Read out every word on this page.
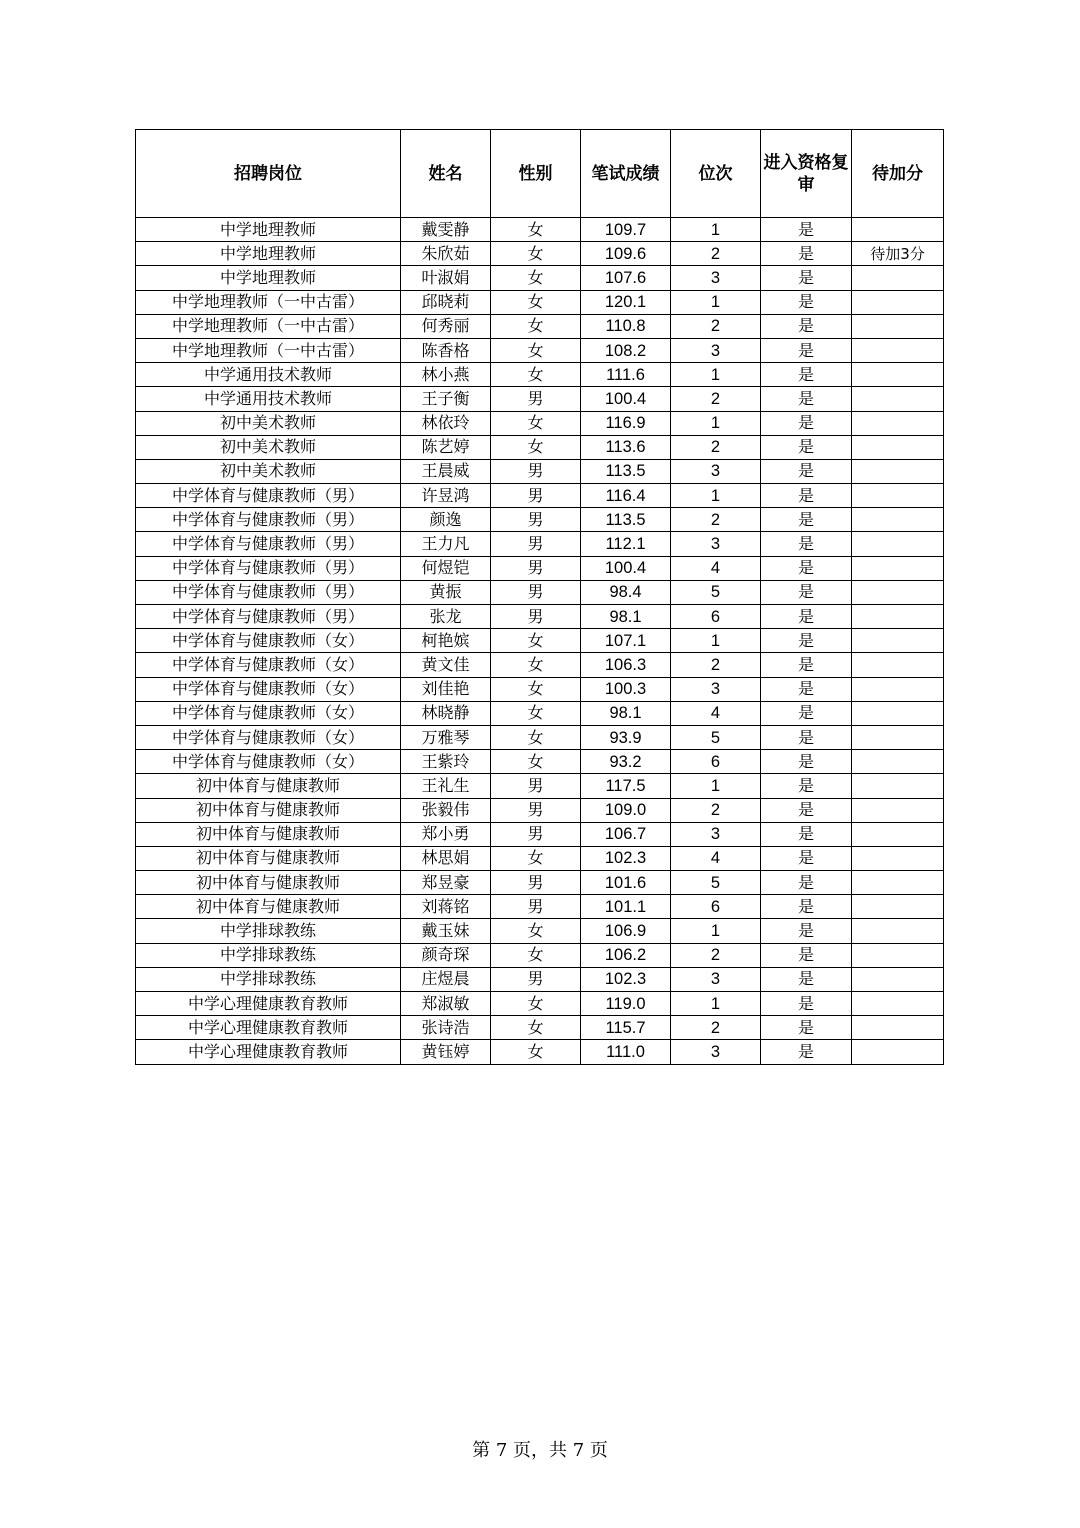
招聘岗位	姓名	性别	笔试成绩	位次	进入资格复审	待加分
中学地理教师	戴雯静	女	109.7	1	是	
中学地理教师	朱欣茹	女	109.6	2	是	待加3分
中学地理教师	叶淑娟	女	107.6	3	是	
中学地理教师（一中古雷）	邱晓莉	女	120.1	1	是	
中学地理教师（一中古雷）	何秀丽	女	110.8	2	是	
中学地理教师（一中古雷）	陈香格	女	108.2	3	是	
中学通用技术教师	林小燕	女	111.6	1	是	
中学通用技术教师	王子衡	男	100.4	2	是	
初中美术教师	林依玲	女	116.9	1	是	
初中美术教师	陈艺婷	女	113.6	2	是	
初中美术教师	王晨威	男	113.5	3	是	
中学体育与健康教师（男）	许昱鸿	男	116.4	1	是	
中学体育与健康教师（男）	颜逸	男	113.5	2	是	
中学体育与健康教师（男）	王力凡	男	112.1	3	是	
中学体育与健康教师（男）	何煜铠	男	100.4	4	是	
中学体育与健康教师（男）	黄振	男	98.4	5	是	
中学体育与健康教师（男）	张龙	男	98.1	6	是	
中学体育与健康教师（女）	柯艳嫔	女	107.1	1	是	
中学体育与健康教师（女）	黄文佳	女	106.3	2	是	
中学体育与健康教师（女）	刘佳艳	女	100.3	3	是	
中学体育与健康教师（女）	林晓静	女	98.1	4	是	
中学体育与健康教师（女）	万雅琴	女	93.9	5	是	
中学体育与健康教师（女）	王紫玲	女	93.2	6	是	
初中体育与健康教师	王礼生	男	117.5	1	是	
初中体育与健康教师	张毅伟	男	109.0	2	是	
初中体育与健康教师	郑小勇	男	106.7	3	是	
初中体育与健康教师	林思娟	女	102.3	4	是	
初中体育与健康教师	郑昱豪	男	101.6	5	是	
初中体育与健康教师	刘蒋铭	男	101.1	6	是	
中学排球教练	戴玉妹	女	106.9	1	是	
中学排球教练	颜奇琛	女	106.2	2	是	
中学排球教练	庄煜晨	男	102.3	3	是	
中学心理健康教育教师	郑淑敏	女	119.0	1	是	
中学心理健康教育教师	张诗浩	女	115.7	2	是	
中学心理健康教育教师	黄钰婷	女	111.0	3	是	
第 7 页，共 7 页
